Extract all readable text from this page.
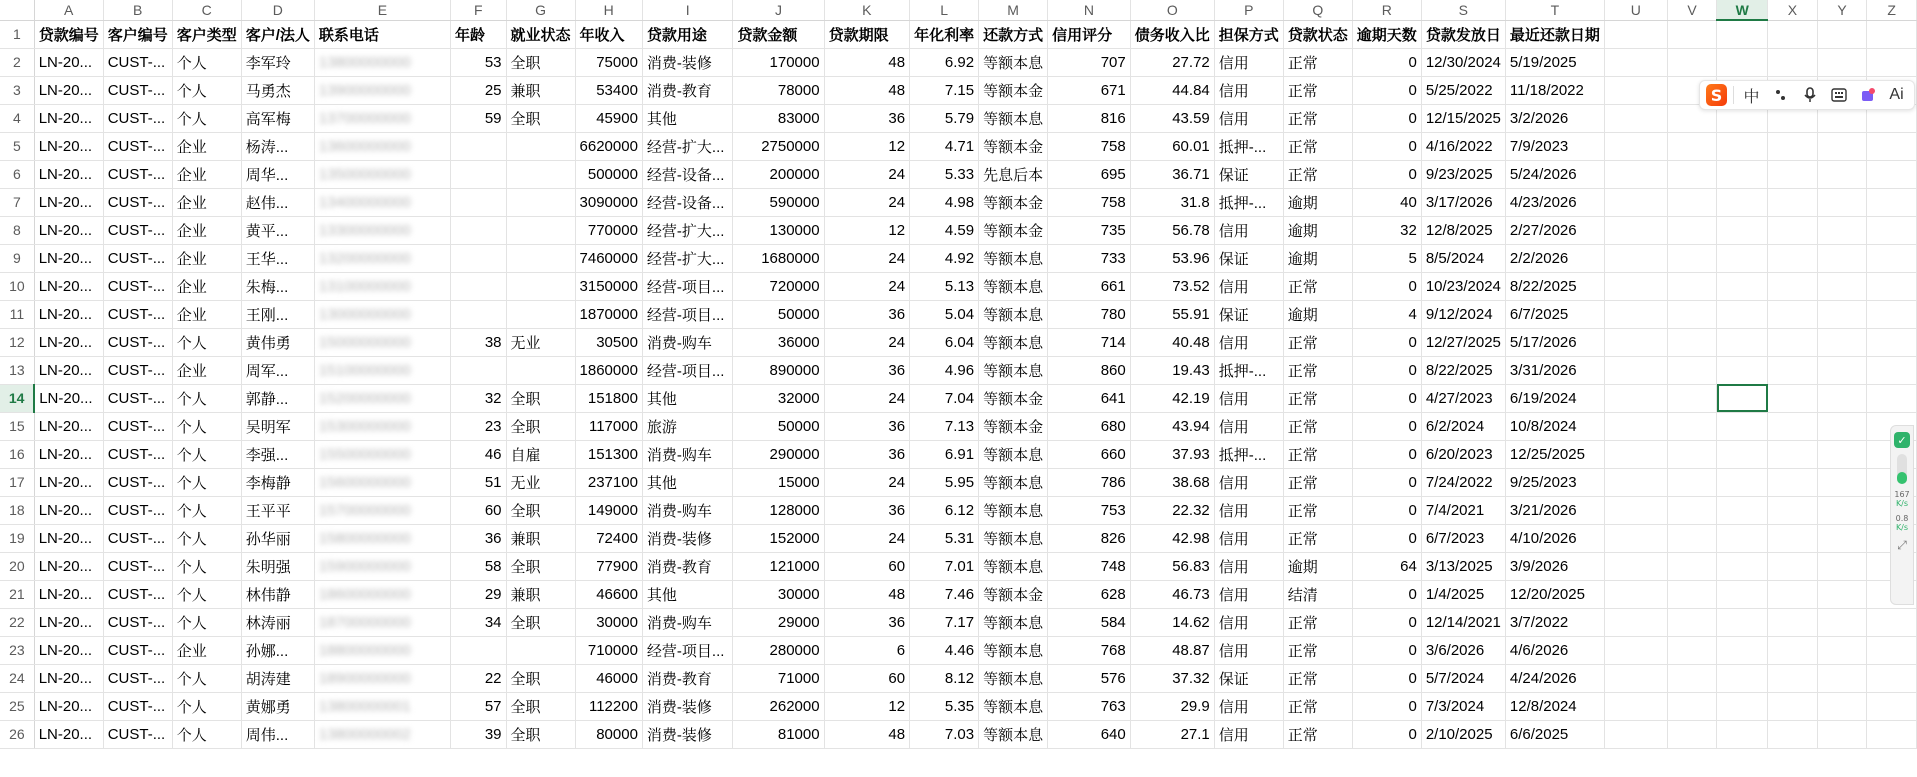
	A	B	C	D	E	F	G	H	I	J	K	L	M	N	O	P	Q	R	S	T	U	V	W	X	Y	Z
1	贷款编号	客户编号	客户类型	客户/法人	联系电话	年龄	就业状态	年收入	贷款用途	贷款金额	贷款期限	年化利率	还款方式	信用评分	债务收入比	担保方式	贷款状态	逾期天数	贷款发放日	最近还款日期						
2	LN-20...	CUST-...	个人	李军玲	13800000000	53	全职	75000	消费-装修	170000	48	6.92	等额本息	707	27.72	信用	正常	0	12/30/2024	5/19/2025						
3	LN-20...	CUST-...	个人	马勇杰	13900000000	25	兼职	53400	消费-教育	78000	48	7.15	等额本金	671	44.84	信用	正常	0	5/25/2022	11/18/2022						
4	LN-20...	CUST-...	个人	高军梅	13700000000	59	全职	45900	其他	83000	36	5.79	等额本息	816	43.59	信用	正常	0	12/15/2025	3/2/2026						
5	LN-20...	CUST-...	企业	杨涛...	13600000000			6620000	经营-扩大...	2750000	12	4.71	等额本金	758	60.01	抵押-...	正常	0	4/16/2022	7/9/2023						
6	LN-20...	CUST-...	企业	周华...	13500000000			500000	经营-设备...	200000	24	5.33	先息后本	695	36.71	保证	正常	0	9/23/2025	5/24/2026						
7	LN-20...	CUST-...	企业	赵伟...	13400000000			3090000	经营-设备...	590000	24	4.98	等额本金	758	31.8	抵押-...	逾期	40	3/17/2026	4/23/2026						
8	LN-20...	CUST-...	企业	黄平...	13300000000			770000	经营-扩大...	130000	12	4.59	等额本金	735	56.78	信用	逾期	32	12/8/2025	2/27/2026						
9	LN-20...	CUST-...	企业	王华...	13200000000			7460000	经营-扩大...	1680000	24	4.92	等额本息	733	53.96	保证	逾期	5	8/5/2024	2/2/2026						
10	LN-20...	CUST-...	企业	朱梅...	13100000000			3150000	经营-项目...	720000	24	5.13	等额本息	661	73.52	信用	正常	0	10/23/2024	8/22/2025						
11	LN-20...	CUST-...	企业	王刚...	13000000000			1870000	经营-项目...	50000	36	5.04	等额本息	780	55.91	保证	逾期	4	9/12/2024	6/7/2025						
12	LN-20...	CUST-...	个人	黄伟勇	15000000000	38	无业	30500	消费-购车	36000	24	6.04	等额本息	714	40.48	信用	正常	0	12/27/2025	5/17/2026						
13	LN-20...	CUST-...	企业	周军...	15100000000			1860000	经营-项目...	890000	36	4.96	等额本息	860	19.43	抵押-...	正常	0	8/22/2025	3/31/2026						
14	LN-20...	CUST-...	个人	郭静...	15200000000	32	全职	151800	其他	32000	24	7.04	等额本金	641	42.19	信用	正常	0	4/27/2023	6/19/2024						
15	LN-20...	CUST-...	个人	吴明军	15300000000	23	全职	117000	旅游	50000	36	7.13	等额本金	680	43.94	信用	正常	0	6/2/2024	10/8/2024						
16	LN-20...	CUST-...	个人	李强...	15500000000	46	自雇	151300	消费-购车	290000	36	6.91	等额本息	660	37.93	抵押-...	正常	0	6/20/2023	12/25/2025						
17	LN-20...	CUST-...	个人	李梅静	15600000000	51	无业	237100	其他	15000	24	5.95	等额本息	786	38.68	信用	正常	0	7/24/2022	9/25/2023						
18	LN-20...	CUST-...	个人	王平平	15700000000	60	全职	149000	消费-购车	128000	36	6.12	等额本息	753	22.32	信用	正常	0	7/4/2021	3/21/2026						
19	LN-20...	CUST-...	个人	孙华丽	15800000000	36	兼职	72400	消费-装修	152000	24	5.31	等额本息	826	42.98	信用	正常	0	6/7/2023	4/10/2026						
20	LN-20...	CUST-...	个人	朱明强	15900000000	58	全职	77900	消费-教育	121000	60	7.01	等额本息	748	56.83	信用	逾期	64	3/13/2025	3/9/2026						
21	LN-20...	CUST-...	个人	林伟静	18600000000	29	兼职	46600	其他	30000	48	7.46	等额本金	628	46.73	信用	结清	0	1/4/2025	12/20/2025						
22	LN-20...	CUST-...	个人	林涛丽	18700000000	34	全职	30000	消费-购车	29000	36	7.17	等额本息	584	14.62	信用	正常	0	12/14/2021	3/7/2022						
23	LN-20...	CUST-...	企业	孙娜...	18800000000			710000	经营-项目...	280000	6	4.46	等额本息	768	48.87	信用	正常	0	3/6/2026	4/6/2026						
24	LN-20...	CUST-...	个人	胡涛建	18900000000	22	全职	46000	消费-教育	71000	60	8.12	等额本息	576	37.32	保证	正常	0	5/7/2024	4/24/2026						
25	LN-20...	CUST-...	个人	黄娜勇	13800000001	57	全职	112200	消费-装修	262000	12	5.35	等额本息	763	29.9	信用	正常	0	7/3/2024	12/8/2024						
26	LN-20...	CUST-...	个人	周伟...	13800000002	39	全职	80000	消费-装修	81000	48	7.03	等额本息	640	27.1	信用	正常	0	2/10/2025	6/6/2025						
S 中	Ai
✓
167
K/s
0.8
K/s
⤢
